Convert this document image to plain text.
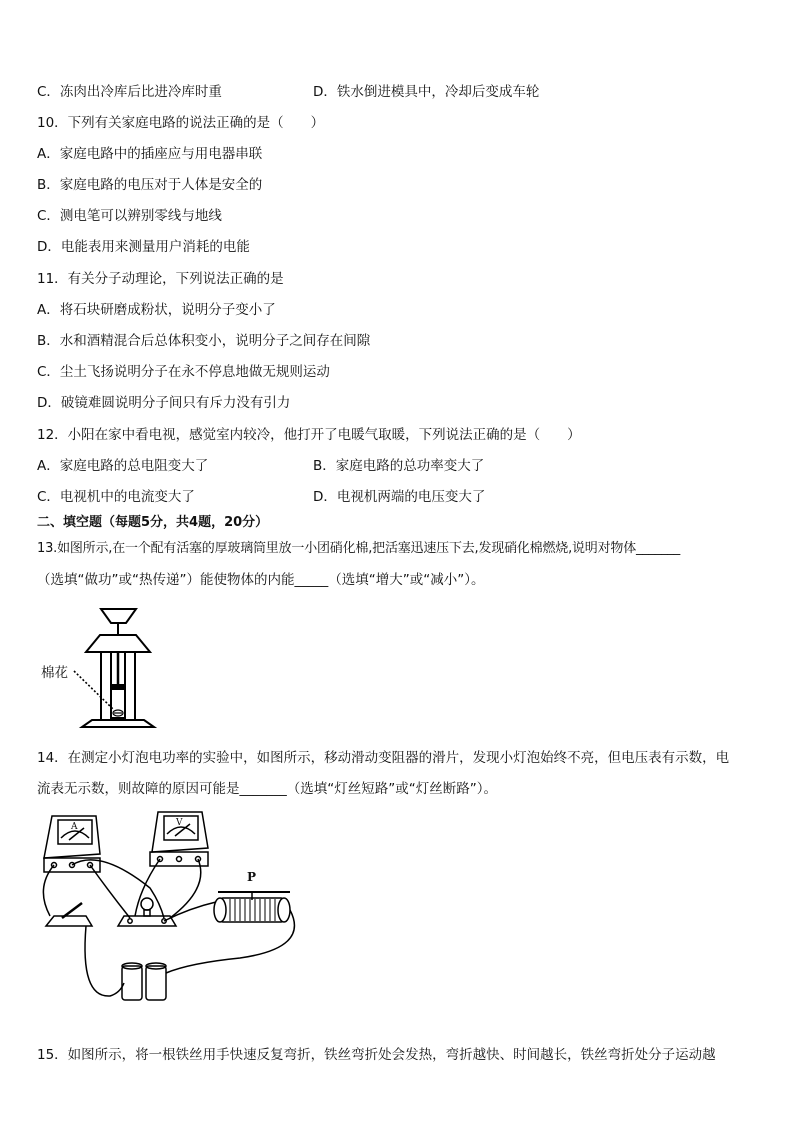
C．冻肉出冷库后比进冷库时重	D．铁水倒进模具中，冷却后变成车轮
10．下列有关家庭电路的说法正确的是（　　）
A．家庭电路中的插座应与用电器串联
B．家庭电路的电压对于人体是安全的
C．测电笔可以辨别零线与地线
D．电能表用来测量用户消耗的电能
11．有关分子动理论，下列说法正确的是
A．将石块研磨成粉状，说明分子变小了
B．水和酒精混合后总体积变小，说明分子之间存在间隙
C．尘土飞扬说明分子在永不停息地做无规则运动
D．破镜难圆说明分子间只有斥力没有引力
12．小阳在家中看电视，感觉室内较冷，他打开了电暖气取暖，下列说法正确的是（　　）
A．家庭电路的总电阻变大了	B．家庭电路的总功率变大了
C．电视机中的电流变大了	D．电视机两端的电压变大了
二、填空题（每题5分，共4题，20分）
13.如图所示,在一个配有活塞的厚玻璃筒里放一小团硝化棉,把活塞迅速压下去,发现硝化棉燃烧,说明对物体_______
（选填“做功”或“热传递”）能使物体的内能_____（选填“增大”或“减小”）。
棉花
14．在测定小灯泡电功率的实验中，如图所示，移动滑动变阻器的滑片，发现小灯泡始终不亮，但电压表有示数，电
流表无示数，则故障的原因可能是_______（选填“灯丝短路”或“灯丝断路”）。
A	V
P
15．如图所示，将一根铁丝用手快速反复弯折，铁丝弯折处会发热，弯折越快、时间越长，铁丝弯折处分子运动越
